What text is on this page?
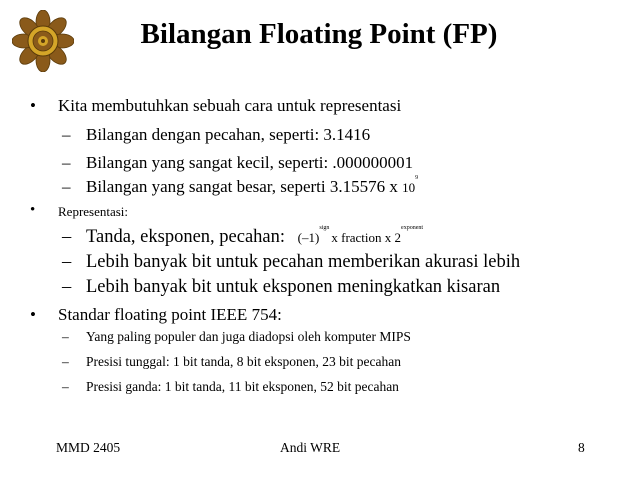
Bilangan Floating Point (FP)
• Kita membutuhkan sebuah cara untuk representasi
– Bilangan dengan pecahan, seperti: 3.1416
– Bilangan yang sangat kecil, seperti: .000000001
– Bilangan yang sangat besar, seperti 3.15576 x $10^9$
• Representasi:
– Tanda, eksponen, pecahan: $(-1)^{sign}x$ fraction x $2^{exponent}$
– Lebih banyak bit untuk pecahan memberikan akurasi lebih
– Lebih banyak bit untuk eksponen meningkatkan kisaran
• Standar floating point IEEE 754:
– Yang paling populer dan juga diadopsi oleh komputer MIPS
– Presisi tunggal: 1 bit tanda, 8 bit eksponen, 23 bit pecahan
– Presisi ganda: 1 bit tanda, 11 bit eksponen, 52 bit pecahan
MMD 2405	Andi WRE	8
